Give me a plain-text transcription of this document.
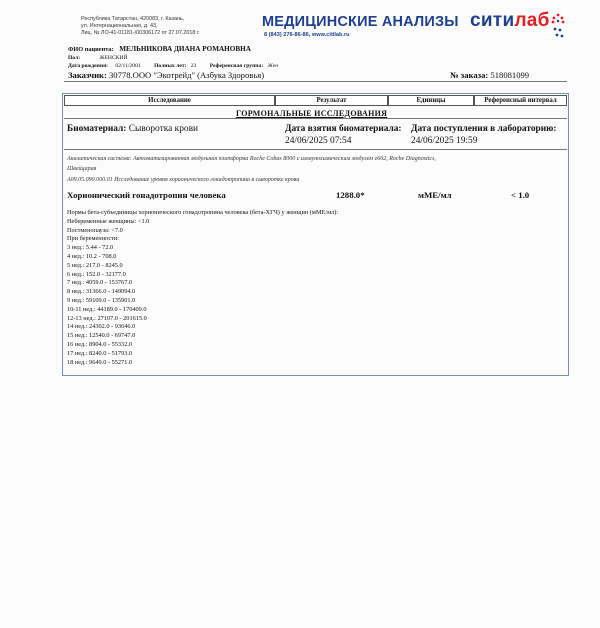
Республика Татарстан, 420083, г. Казань,
ул. Интернациональная, д. 43,
Лиц. № ЛО-41-01181-/00306172 от 27.07.2018 г.
МЕДИЦИНСКИЕ АНАЛИЗЫ
8 (843) 276-86-86, www.citilab.ru
ситилаб
ФИО пациента: МЕЛЬНИКОВА ДИАНА РОМАНОВНА
Пол:	ЖЕНСКИЙ
Дата рождения: 02/11/2001 Полных лет: 23 Референсная группа: Жен
Заказчик: 30778.ООО "Экотрейд" (Азбука Здоровья)	№ заказа: 518081099
Исследование	Результат	Единицы	Референсный интервал
ГОРМОНАЛЬНЫЕ ИССЛЕДОВАНИЯ
Биоматериал: Сыворотка крови	Дата взятия биоматериала:
24/06/2025 07:54
Дата поступления в лабораторию:
24/06/2025 19:59
Аналитическая система: Автоматизированная модульная платформа Roche Cobas 8000 с иммунохимическим модулем e602, Roche Diagnostics,
Швейцария
A09.05.090.000.01 Исследование уровня хорионического гонадотропина в сыворотке крови
Хорионический гонадотропин человека	1288.0*	мМЕ/мл	< 1.0
Нормы бета-субъединицы хорионического гонадотропина человека (бета-ХГЧ) у женщин (мМЕ/мл):
Небеременные женщины: <1.0
Постменопауза: <7.0
При беременности:
3 нед.: 5.44 - 72.0
4 нед.: 10.2 - 708.0
5 нед.: 217.0 - 8245.0
6 нед.: 152.0 - 32177.0
7 нед.: 4059.0 - 153767.0
8 нед.: 31366.0 - 149094.0
9 нед.: 59109.0 - 135901.0
10-11 нед.: 44189.0 - 170409.0
12-13 нед.: 27107.0 - 201615.0
14 нед.: 24302.0 - 93646.0
15 нед.: 12540.0 - 69747.0
16 нед.: 8904.0 - 55332.0
17 нед.: 8240.0 - 51793.0
18 нед.: 9649.0 - 55271.0
